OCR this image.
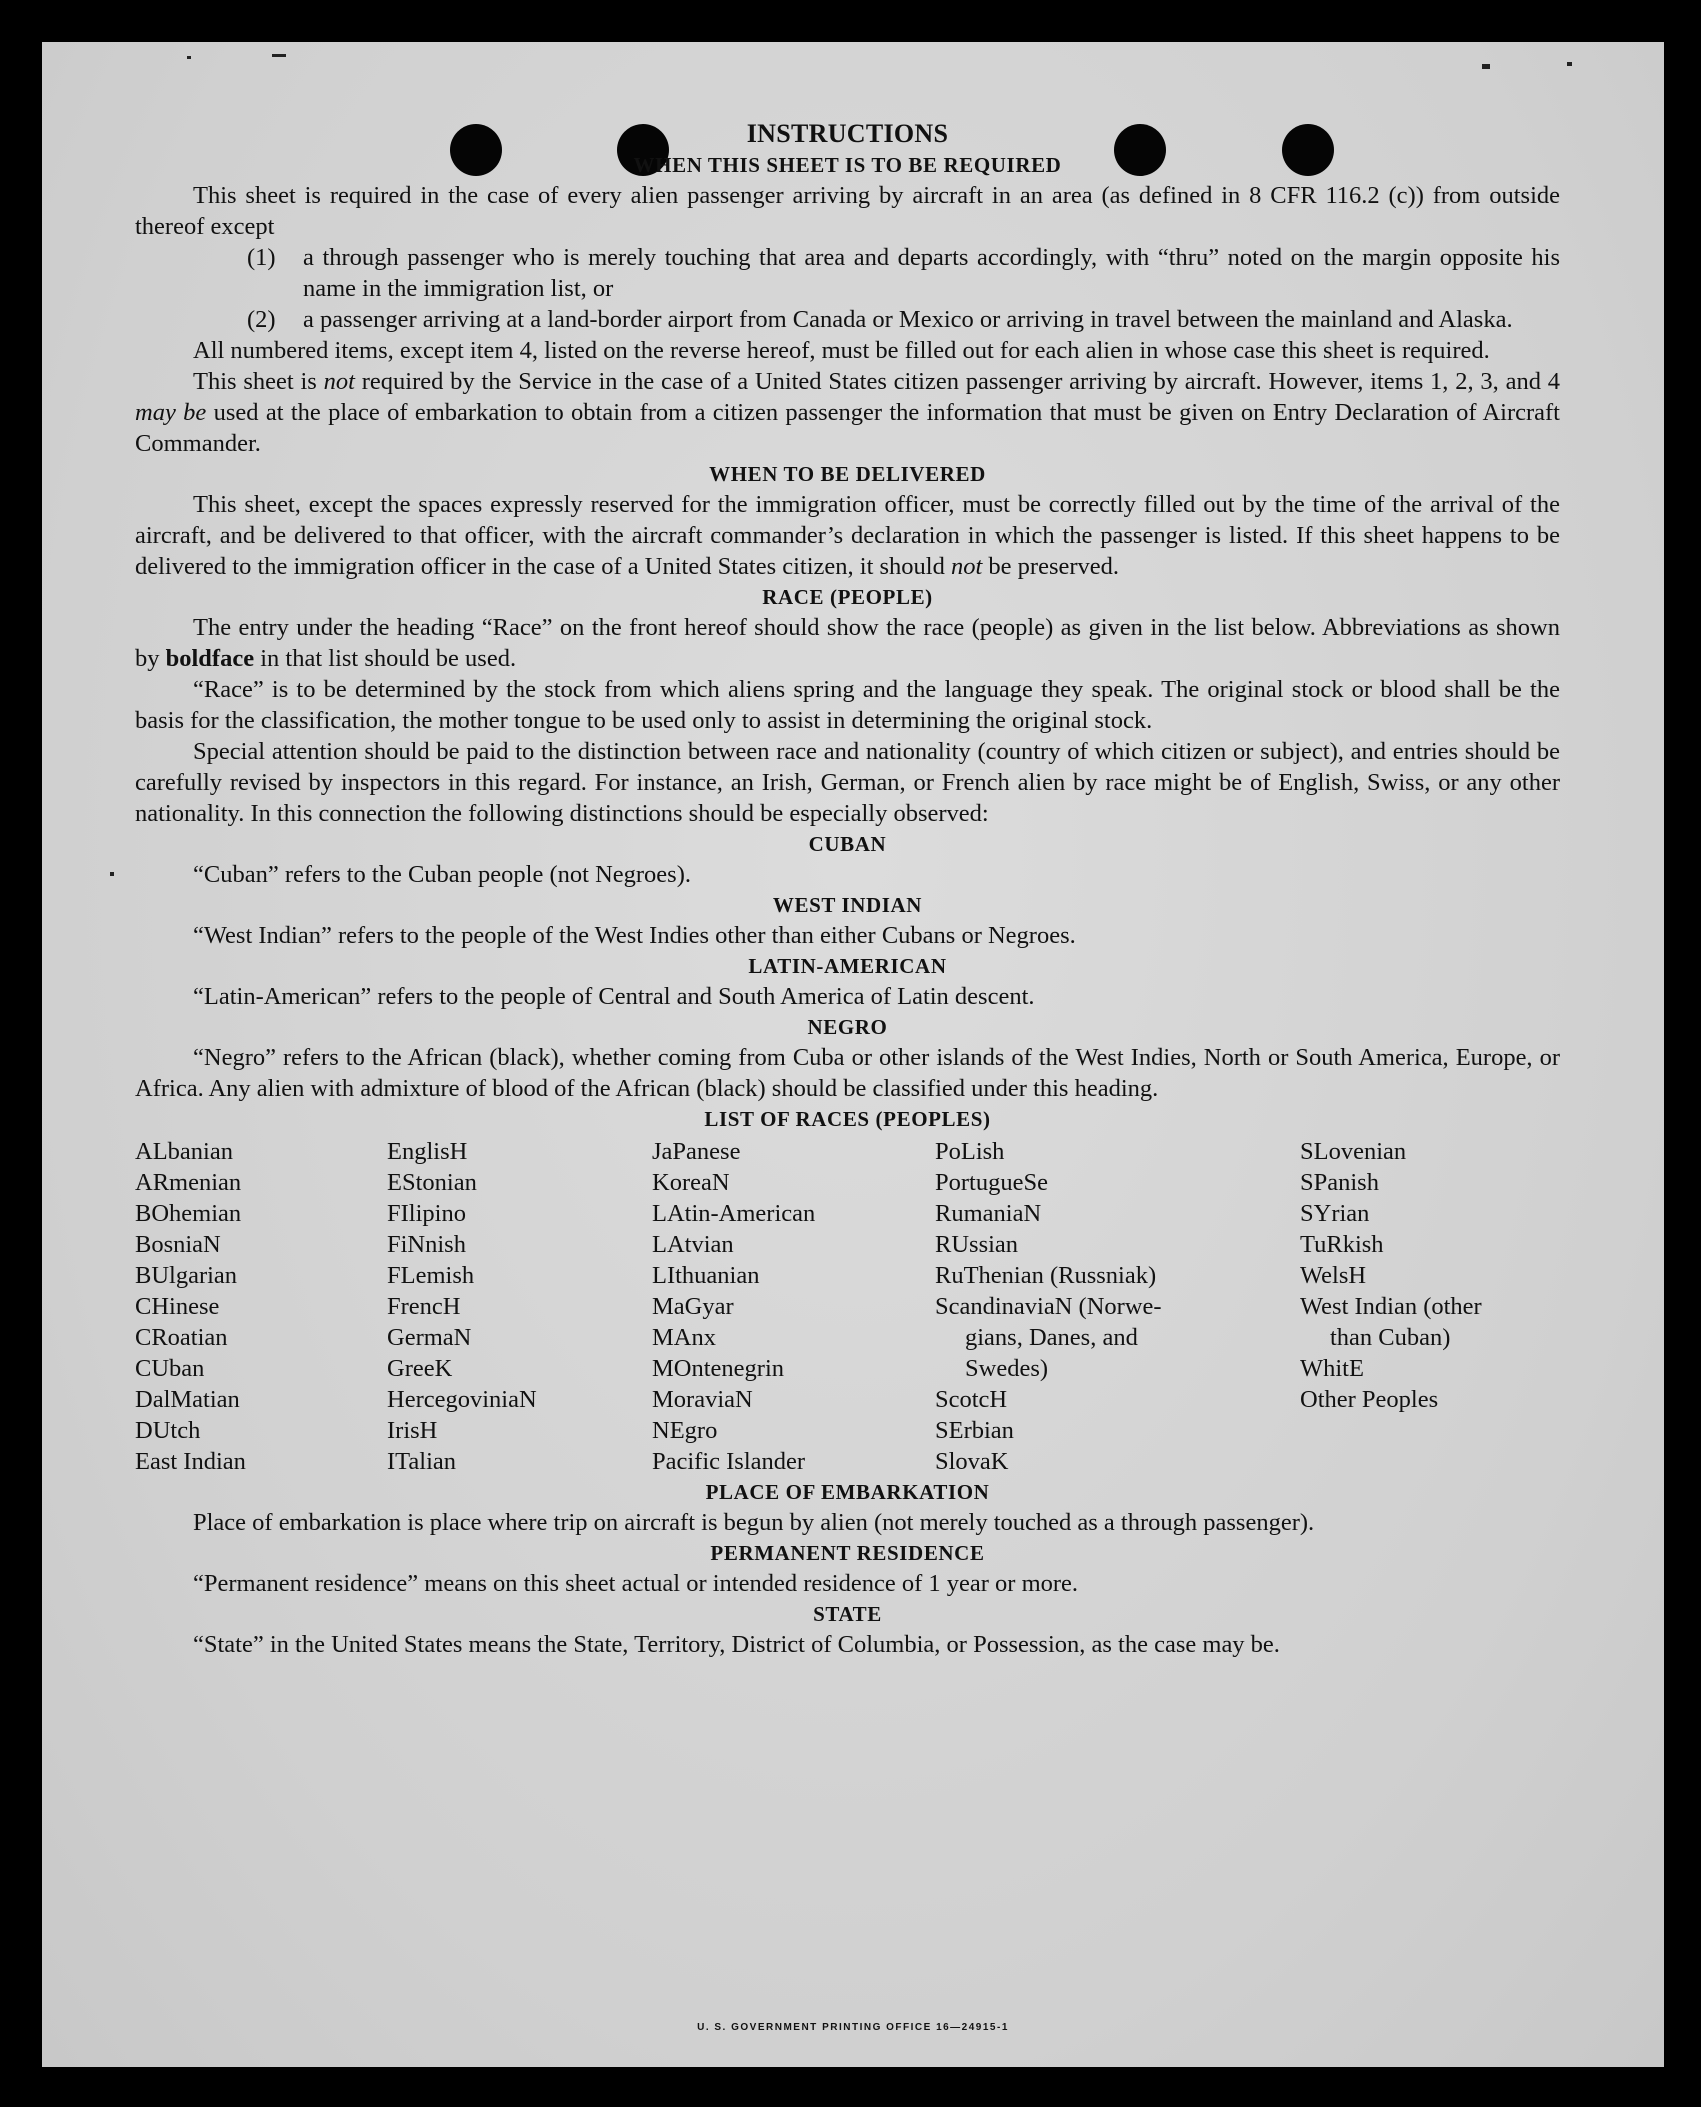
U. S. GOVERNMENT PRINTING OFFICE 16—24915-1
INSTRUCTIONS
WHEN THIS SHEET IS TO BE REQUIRED

This sheet is required in the case of every alien passenger arriving by aircraft in an area (as defined in 8 CFR 116.2 (c)) from outside thereof except

(1)	a through passenger who is merely touching that area and departs accordingly, with “thru” noted on the margin opposite his name in the immigration list, or
(2)	a passenger arriving at a land-border airport from Canada or Mexico or arriving in travel between the mainland and Alaska.

All numbered items, except item 4, listed on the reverse hereof, must be filled out for each alien in whose case this sheet is required.

This sheet is not required by the Service in the case of a United States citizen passenger arriving by aircraft. However, items 1, 2, 3, and 4 may be used at the place of embarkation to obtain from a citizen passenger the information that must be given on Entry Declaration of Aircraft Commander.

WHEN TO BE DELIVERED

This sheet, except the spaces expressly reserved for the immigration officer, must be correctly filled out by the time of the arrival of the aircraft, and be delivered to that officer, with the aircraft commander’s declaration in which the passenger is listed. If this sheet happens to be delivered to the immigration officer in the case of a United States citizen, it should not be preserved.

RACE (PEOPLE)

The entry under the heading “Race” on the front hereof should show the race (people) as given in the list below. Abbreviations as shown by boldface in that list should be used.

“Race” is to be determined by the stock from which aliens spring and the language they speak. The original stock or blood shall be the basis for the classification, the mother tongue to be used only to assist in determining the original stock.

Special attention should be paid to the distinction between race and nationality (country of which citizen or subject), and entries should be carefully revised by inspectors in this regard. For instance, an Irish, German, or French alien by race might be of English, Swiss, or any other nationality. In this connection the following distinctions should be especially observed:

CUBAN

“Cuban” refers to the Cuban people (not Negroes).

WEST INDIAN

“West Indian” refers to the people of the West Indies other than either Cubans or Negroes.

LATIN-AMERICAN

“Latin-American” refers to the people of Central and South America of Latin descent.

NEGRO

“Negro” refers to the African (black), whether coming from Cuba or other islands of the West Indies, North or South America, Europe, or Africa. Any alien with admixture of blood of the African (black) should be classified under this heading.

LIST OF RACES (PEOPLES)
ALbanian
ARmenian
BOhemian
BosniaN
BUlgarian
CHinese
CRoatian
CUban
DalMatian
DUtch
East Indian
EnglisH
EStonian
FIlipino
FiNnish
FLemish
FrencH
GermaN
GreeK
HercegoviniaN
IrisH
ITalian
JaPanese
KoreaN
LAtin-American
LAtvian
LIthuanian
MaGyar
MAnx
MOntenegrin
MoraviaN
NEgro
Pacific Islander
PoLish
PortugueSe
RumaniaN
RUssian
RuThenian (Russniak)
ScandinaviaN (Norwe-
gians, Danes, and
Swedes)
ScotcH
SErbian
SlovaK
SLovenian
SPanish
SYrian
TuRkish
WelsH
West Indian (other
than Cuban)
WhitE
Other Peoples
PLACE OF EMBARKATION

Place of embarkation is place where trip on aircraft is begun by alien (not merely touched as a through passenger).

PERMANENT RESIDENCE

“Permanent residence” means on this sheet actual or intended residence of 1 year or more.

STATE

“State” in the United States means the State, Territory, District of Columbia, or Possession, as the case may be.
